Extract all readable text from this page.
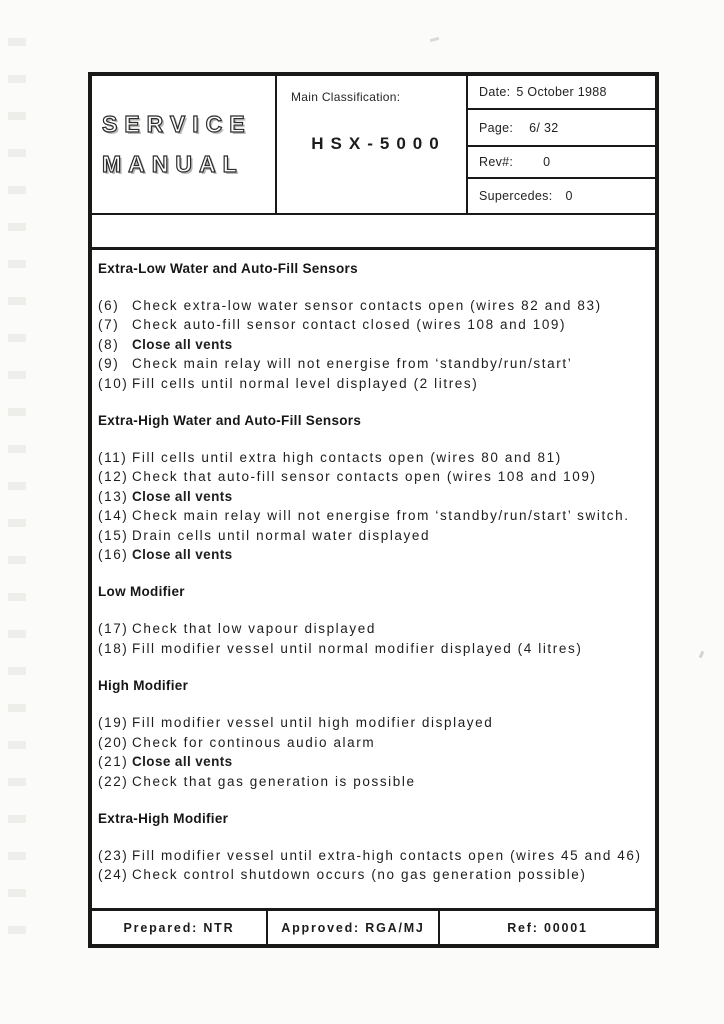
SERVICE
MANUAL
Main Classification:
HSX-5000
Date: 5 October 1988
Page: 6/ 32
Rev#: 0
Supercedes: 0
Extra-Low Water and Auto-Fill Sensors
(6) Check extra-low water sensor contacts open (wires 82 and 83)
(7) Check auto-fill sensor contact closed (wires 108 and 109)
(8) Close all vents
(9) Check main relay will not energise from ‘standby/run/start’
(10) Fill cells until normal level displayed (2 litres)
Extra-High Water and Auto-Fill Sensors
(11) Fill cells until extra high contacts open (wires 80 and 81)
(12) Check that auto-fill sensor contacts open (wires 108 and 109)
(13) Close all vents
(14) Check main relay will not energise from ‘standby/run/start’ switch.
(15) Drain cells until normal water displayed
(16) Close all vents
Low Modifier
(17) Check that low vapour displayed
(18) Fill modifier vessel until normal modifier displayed (4 litres)
High Modifier
(19) Fill modifier vessel until high modifier displayed
(20) Check for continous audio alarm
(21) Close all vents
(22) Check that gas generation is possible
Extra-High Modifier
(23) Fill modifier vessel until extra-high contacts open (wires 45 and 46)
(24) Check control shutdown occurs (no gas generation possible)
Prepared: NTR	Approved: RGA/MJ	Ref: 00001
